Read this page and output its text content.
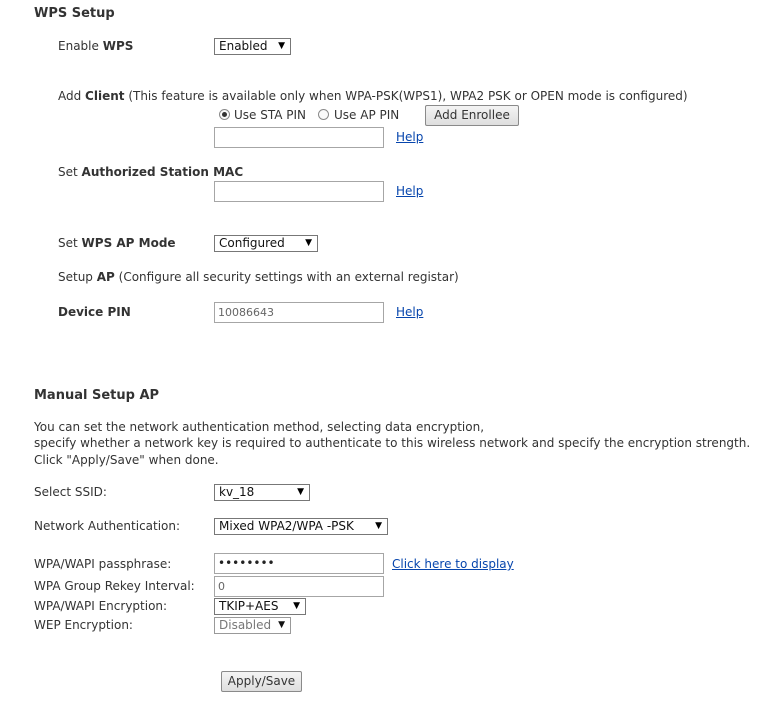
WPS Setup
Enable WPS	Enabled ▼
Add Client (This feature is available only when WPA-PSK(WPS1), WPA2 PSK or OPEN mode is configured)
Use STA PIN Use AP PIN	Add Enrollee
Help
Set Authorized Station MAC
Help
Set WPS AP Mode	Configured ▼
Setup AP (Configure all security settings with an external registar)
Device PIN	10086643	Help
Manual Setup AP
You can set the network authentication method, selecting data encryption,
specify whether a network key is required to authenticate to this wireless network and specify the encryption strength.
Click "Apply/Save" when done.
Select SSID:	kv_18	▼
Network Authentication:	Mixed WPA2/WPA -PSK ▼
WPA/WAPI passphrase:	••••••••	Click here to display
WPA Group Rekey Interval:	0
WPA/WAPI Encryption:	TKIP+AES ▼
WEP Encryption:	Disabled ▼
Apply/Save
